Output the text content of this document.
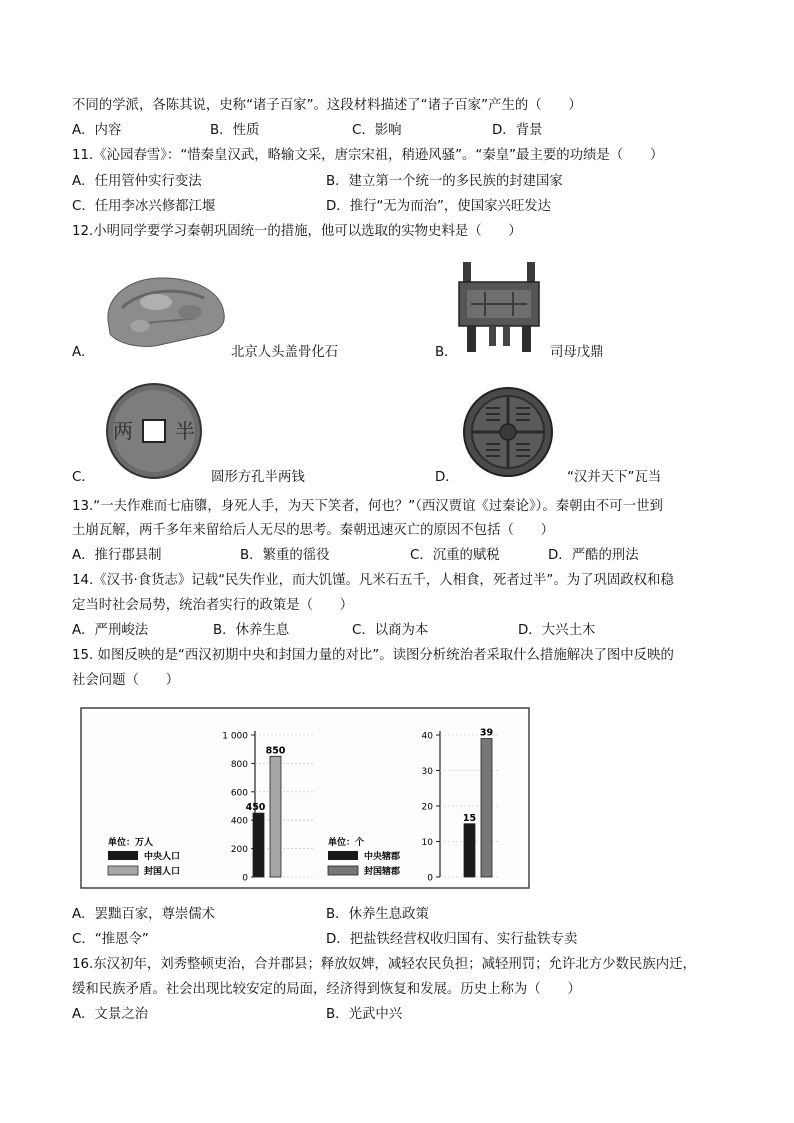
不同的学派，各陈其说，史称“诸子百家”。这段材料描述了“诸子百家”产生的（　　）
A．内容	B．性质	C．影响	D．背景
11.《沁园春雪》：“惜秦皇汉武，略输文采，唐宗宋祖，稍逊风骚”。“秦皇”最主要的功绩是（　　）
A．任用管仲实行变法	B．建立第一个统一的多民族的封建国家
C．任用李冰兴修都江堰	D．推行“无为而治”，使国家兴旺发达
12.小明同学要学习秦朝巩固统一的措施，他可以选取的实物史料是（　　）
A．	北京人头盖骨化石	B．	司母戊鼎
半
两
C．	圆形方孔半两钱	D．	“汉并天下”瓦当
13.“一夫作难而七庙隳，身死人手，为天下笑者，何也？”（西汉贾谊《过秦论》）。秦朝由不可一世到
土崩瓦解，两千多年来留给后人无尽的思考。秦朝迅速灭亡的原因不包括（　　）
A．推行郡县制	B．繁重的徭役	C．沉重的赋税	D．严酷的刑法
14.《汉书·食货志》记载“民失作业，而大饥馑。凡米石五千，人相食，死者过半”。为了巩固政权和稳
定当时社会局势，统治者实行的政策是（　　）
A．严刑峻法	B．休养生息	C．以商为本	D．大兴土木
15. 如图反映的是“西汉初期中央和封国力量的对比”。读图分析统治者采取什么措施解决了图中反映的
社会问题（　　）
单位：万人
中央人口
封国人口
0
200
400
600
800
1 000
450
850
单位：个
中央辖郡
封国辖郡
0
10
20
30
40
15
39
A．罢黜百家，尊崇儒术	B．休养生息政策
C．“推恩令”	D．把盐铁经营权收归国有、实行盐铁专卖
16.东汉初年，刘秀整顿吏治，合并郡县；释放奴婢，减轻农民负担；减轻刑罚；允许北方少数民族内迁，
缓和民族矛盾。社会出现比较安定的局面，经济得到恢复和发展。历史上称为（　　）
A．文景之治	B．光武中兴
